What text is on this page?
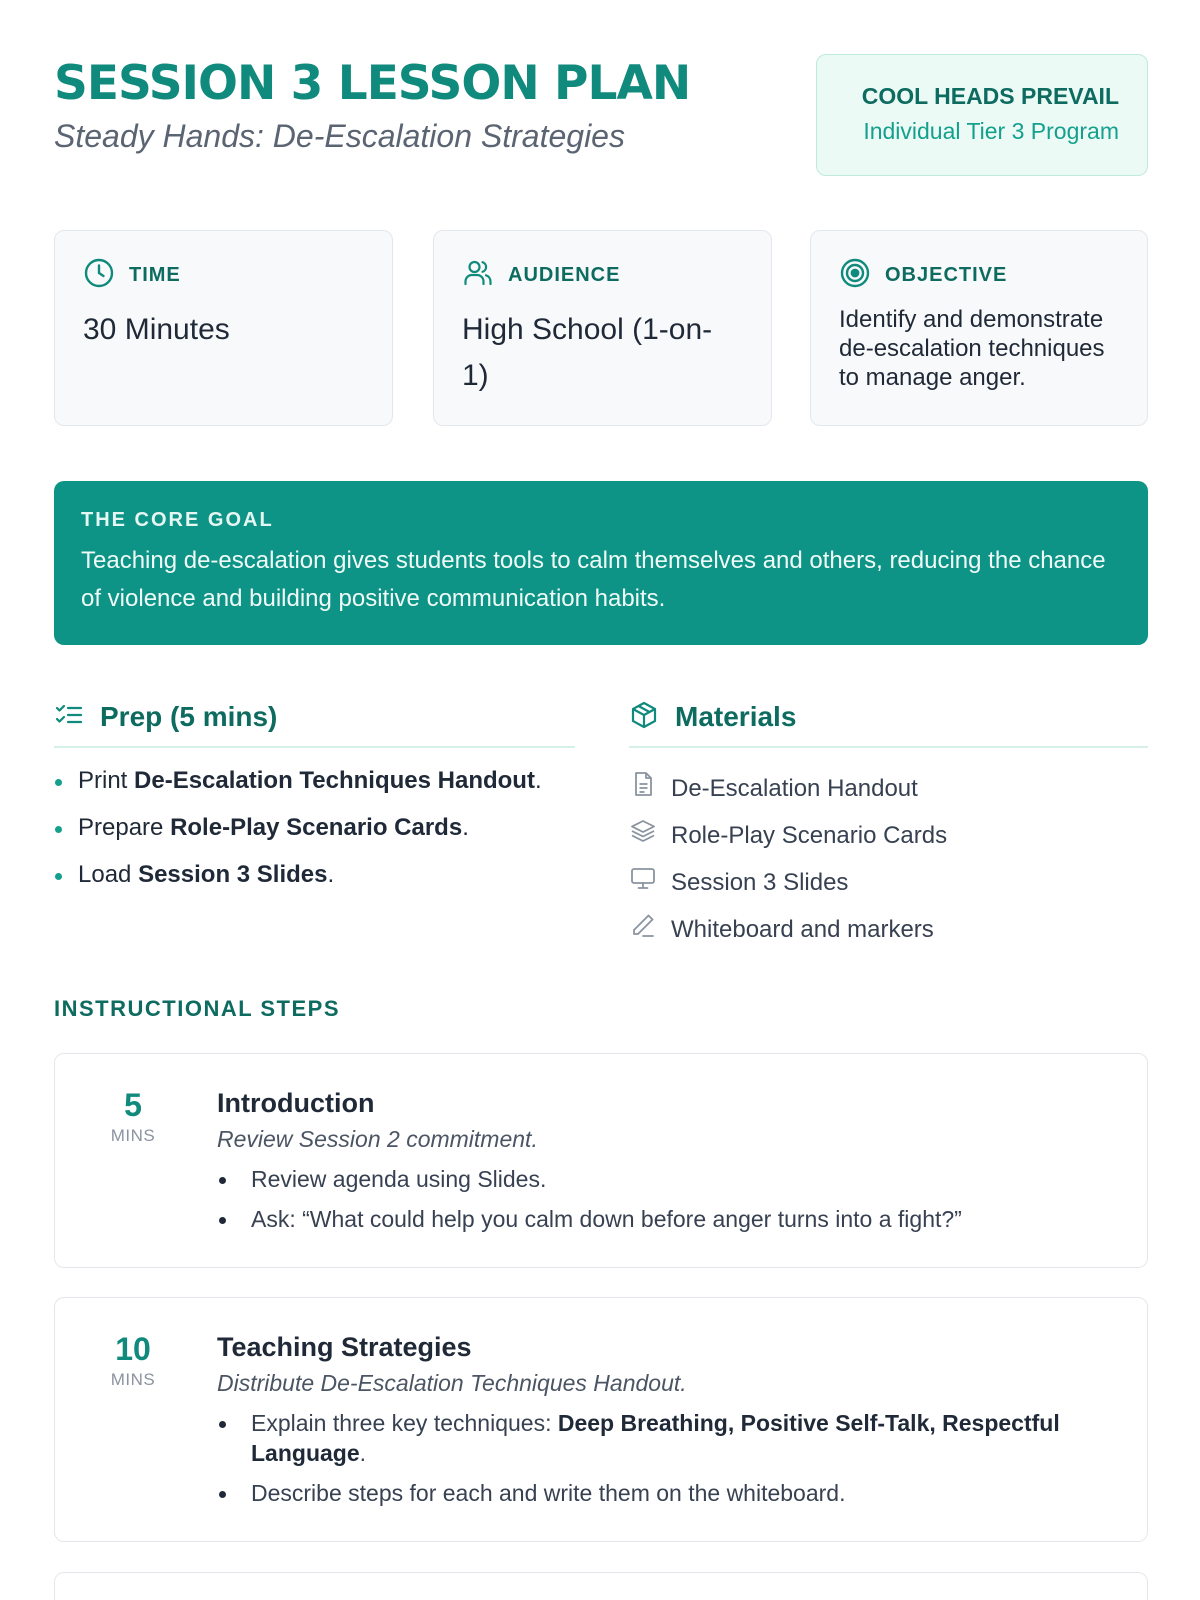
SESSION 3 LESSON PLAN
Steady Hands: De-Escalation Strategies
COOL HEADS PREVAIL
Individual Tier 3 Program
TIME
30 Minutes
AUDIENCE
High School (1-on-1)
OBJECTIVE
Identify and demonstrate de-escalation techniques to manage anger.
THE CORE GOAL
Teaching de-escalation gives students tools to calm themselves and others, reducing the chance of violence and building positive communication habits.
Prep (5 mins)
Print De-Escalation Techniques Handout.
Prepare Role-Play Scenario Cards.
Load Session 3 Slides.
Materials
De-Escalation Handout
Role-Play Scenario Cards
Session 3 Slides
Whiteboard and markers
INSTRUCTIONAL STEPS
5
MINS
Introduction
Review Session 2 commitment.
Review agenda using Slides.
Ask: “What could help you calm down before anger turns into a fight?”
10
MINS
Teaching Strategies
Distribute De-Escalation Techniques Handout.
Explain three key techniques: Deep Breathing, Positive Self-Talk, Respectful Language.
Describe steps for each and write them on the whiteboard.
